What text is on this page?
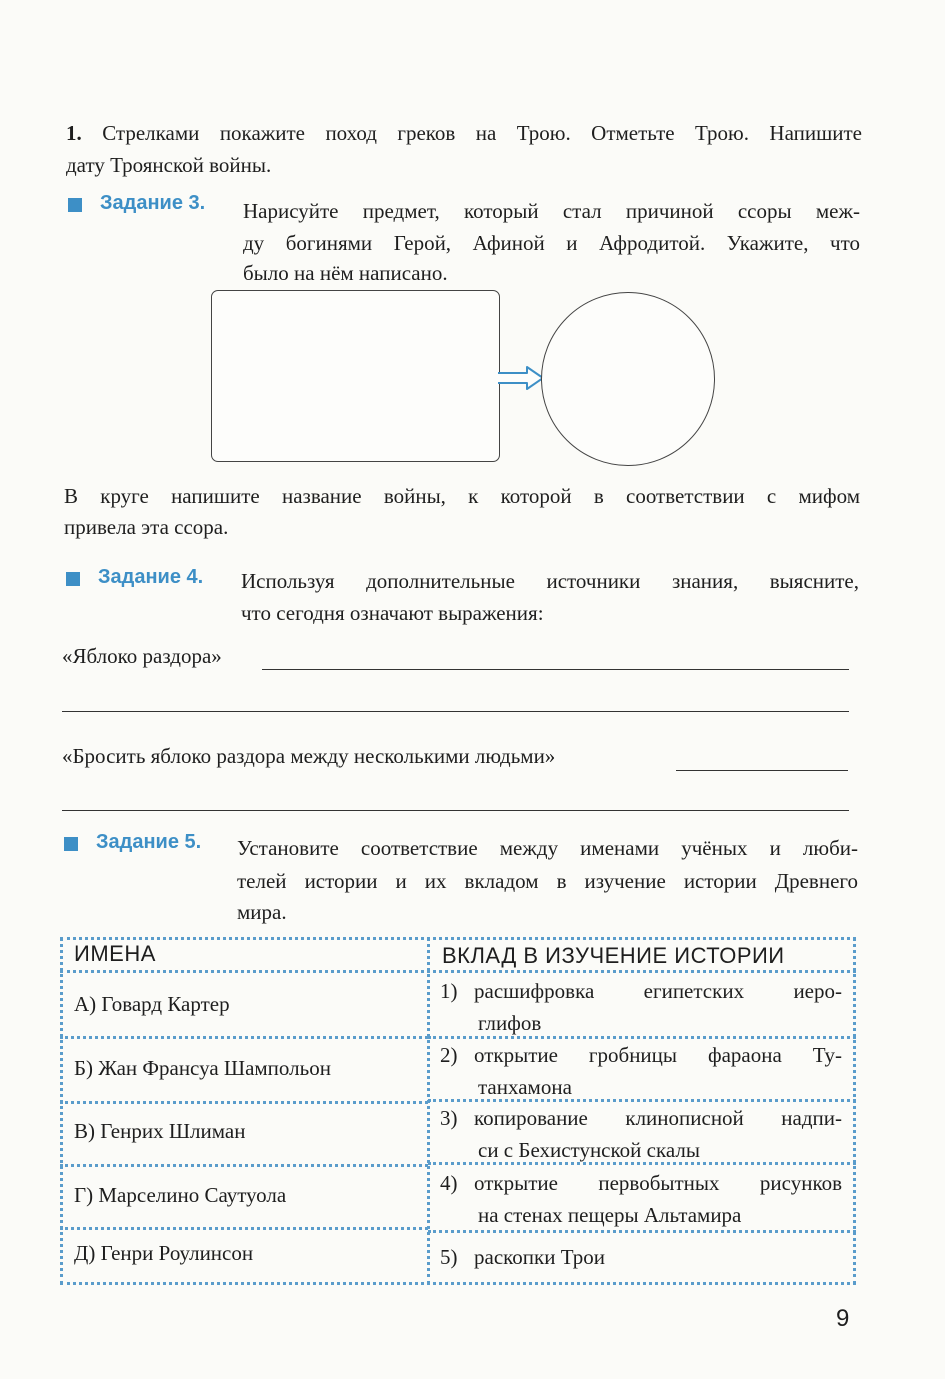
1. Стрелками покажите поход греков на Трою. Отметьте Трою. Напишите
дату Троянской войны.
Задание 3. Нарисуйте предмет, который стал причиной ссоры меж-
ду богинями Герой, Афиной и Афродитой. Укажите, что
было на нём написано.
В круге напишите название войны, к которой в соответствии с мифом
привела эта ссора.
Задание 4. Используя дополнительные источники знания, выясните,
что сегодня означают выражения:
«Яблоко раздора»
«Бросить яблоко раздора между несколькими людьми»
Задание 5. Установите соответствие между именами учёных и люби-
телей истории и их вкладом в изучение истории Древнего
мира.
ИМЕНА	ВКЛАД В ИЗУЧЕНИЕ ИСТОРИИ
А) Говард Картер
Б) Жан Франсуа Шампольон
В) Генрих Шлиман
Г) Марселино Саутуола
Д) Генри Роулинсон
1) расшифровка египетских иеро-
глифов
2) открытие гробницы фараона Ту-
танхамона
3) копирование клинописной надпи-
си с Бехистунской скалы
4) открытие первобытных рисунков
на стенах пещеры Альтамира
5) раскопки Трои
9
